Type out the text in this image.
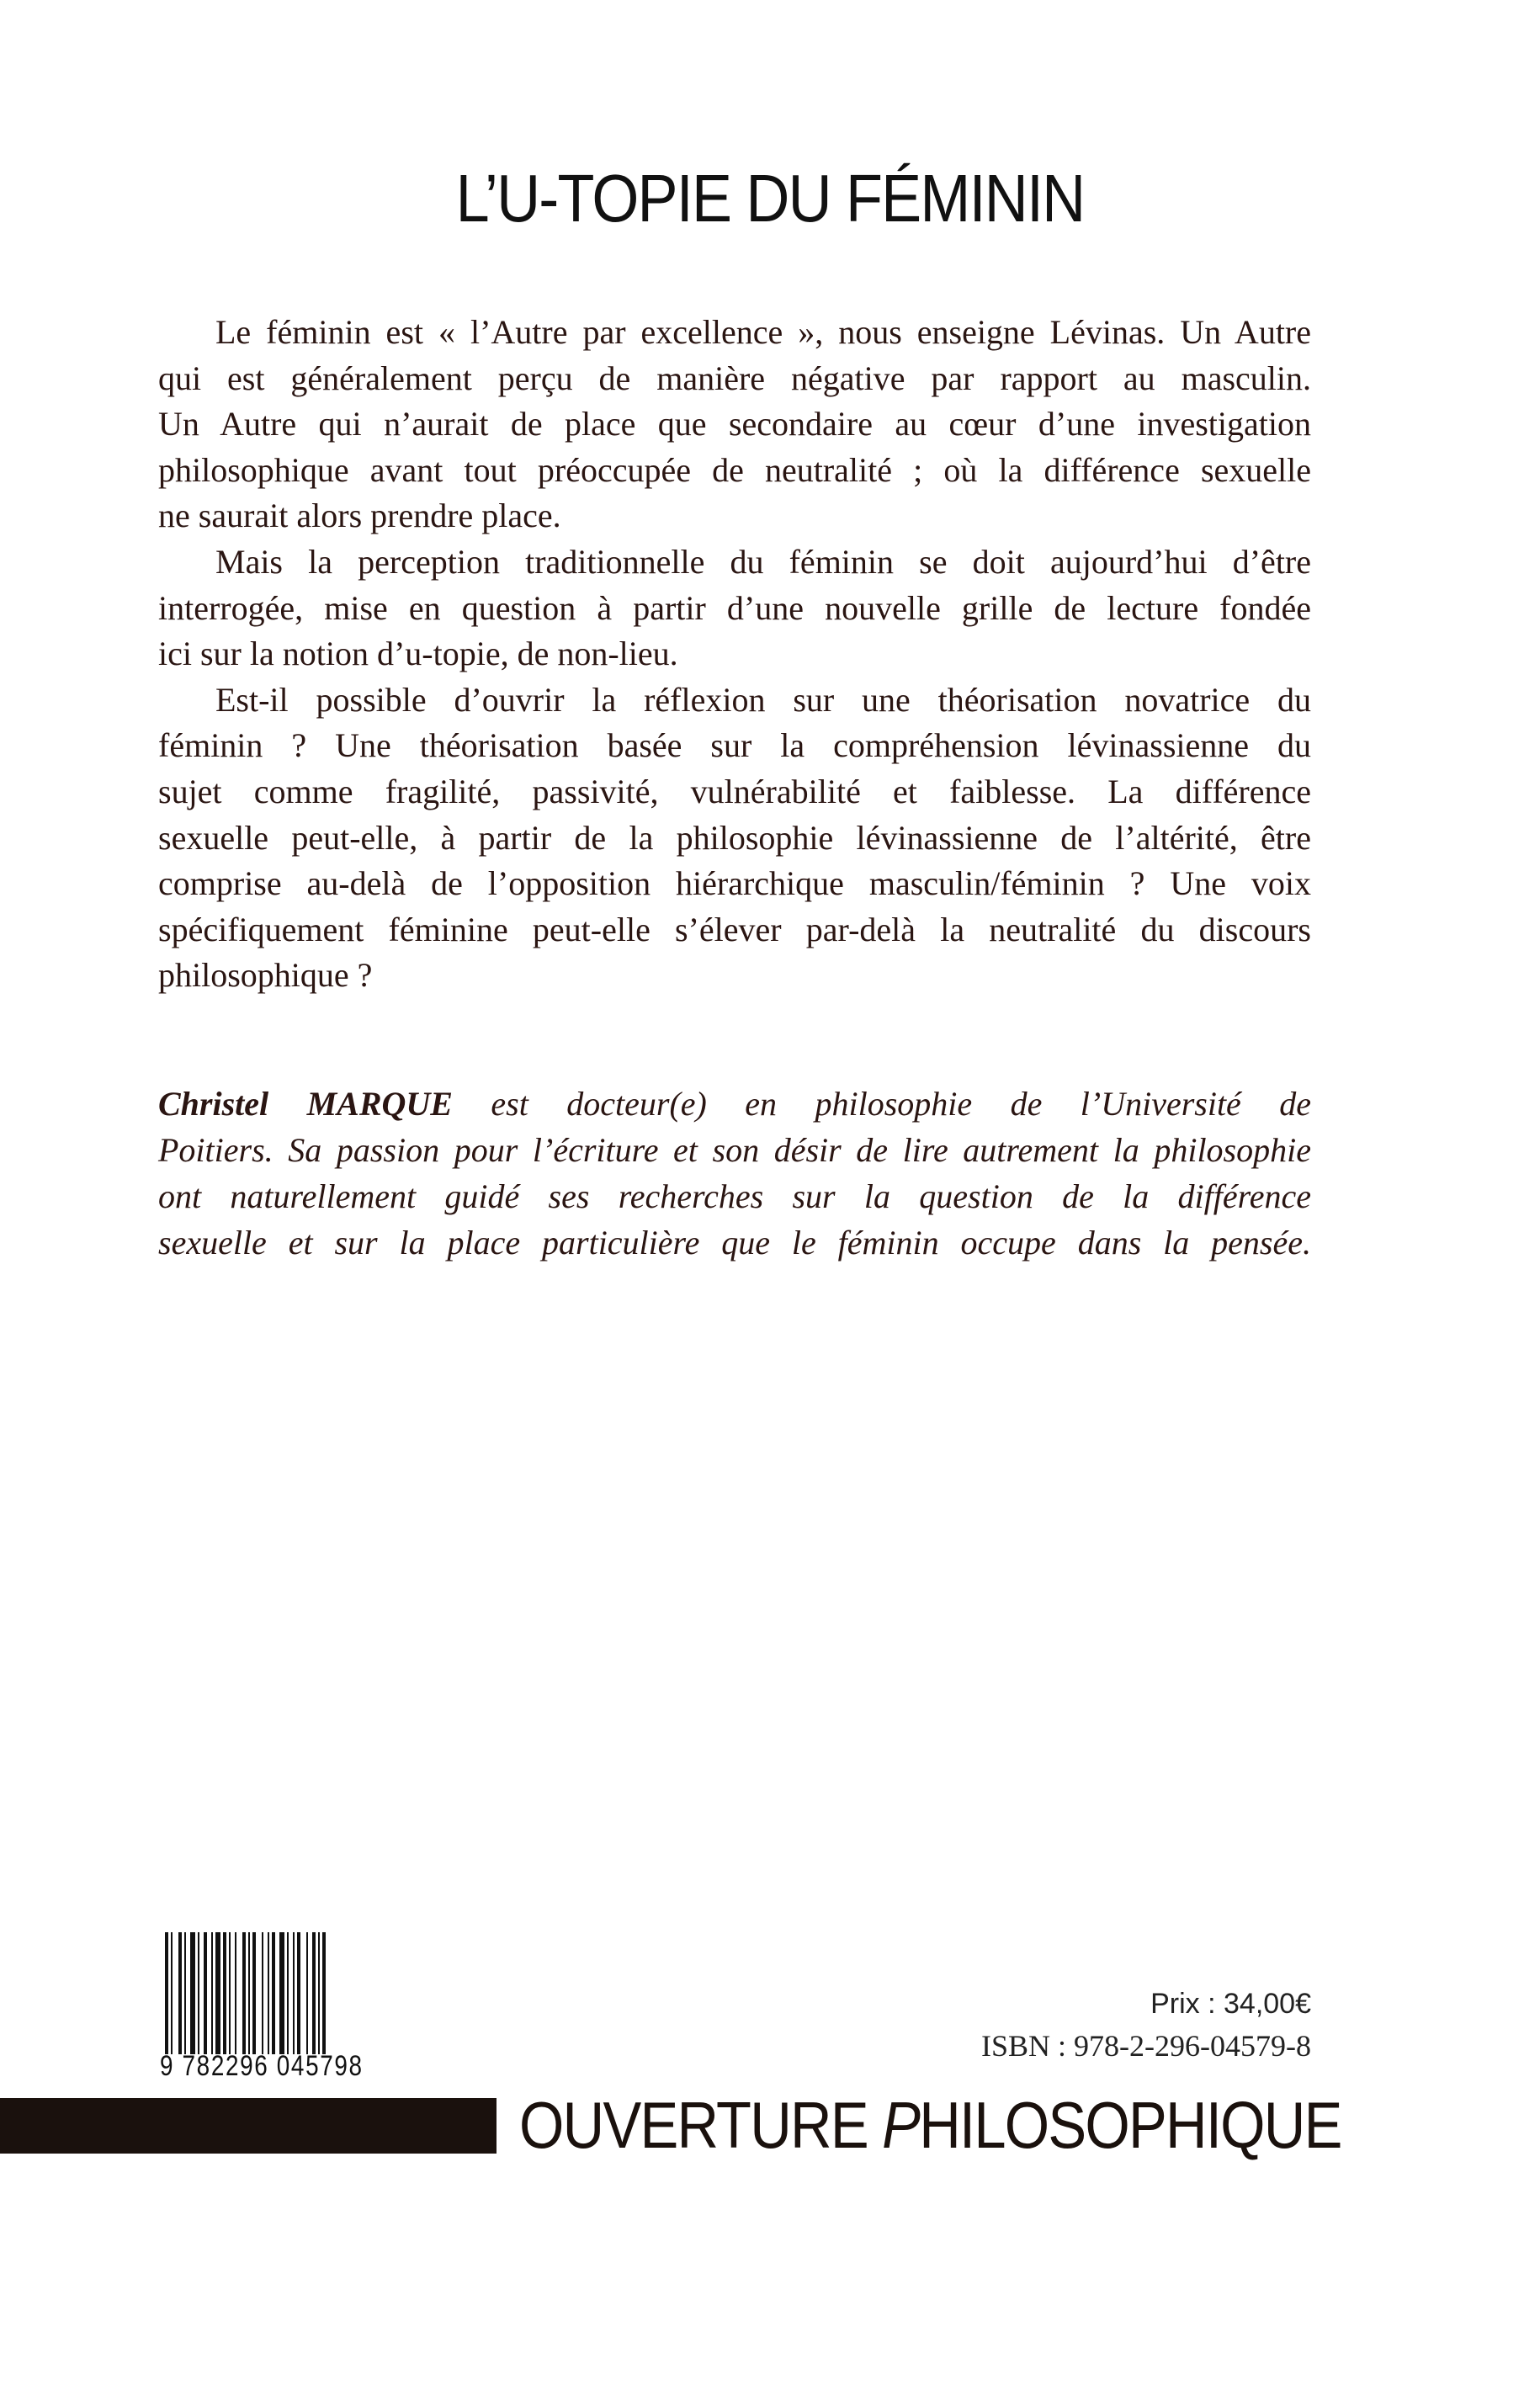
L’U-TOPIE DU FÉMININ
Le féminin est « l’Autre par excellence », nous enseigne Lévinas. Un Autre
qui est généralement perçu de manière négative par rapport au masculin.
Un Autre qui n’aurait de place que secondaire au cœur d’une investigation
philosophique avant tout préoccupée de neutralité ; où la différence sexuelle
ne saurait alors prendre place.
Mais la perception traditionnelle du féminin se doit aujourd’hui d’être
interrogée, mise en question à partir d’une nouvelle grille de lecture fondée
ici sur la notion d’u-topie, de non-lieu.
Est-il possible d’ouvrir la réflexion sur une théorisation novatrice du
féminin ? Une théorisation basée sur la compréhension lévinassienne du
sujet comme fragilité, passivité, vulnérabilité et faiblesse. La différence
sexuelle peut-elle, à partir de la philosophie lévinassienne de l’altérité, être
comprise au-delà de l’opposition hiérarchique masculin/féminin ? Une voix
spécifiquement féminine peut-elle s’élever par-delà la neutralité du discours
philosophique ?
Christel MARQUE est docteur(e) en philosophie de l’Université de
Poitiers. Sa passion pour l’écriture et son désir de lire autrement la philosophie
ont naturellement guidé ses recherches sur la question de la différence
sexuelle et sur la place particulière que le féminin occupe dans la pensée.
9 782296 045798
Prix : 34,00€
ISBN : 978-2-296-04579-8
OUVERTURE PHILOSOPHIQUE
